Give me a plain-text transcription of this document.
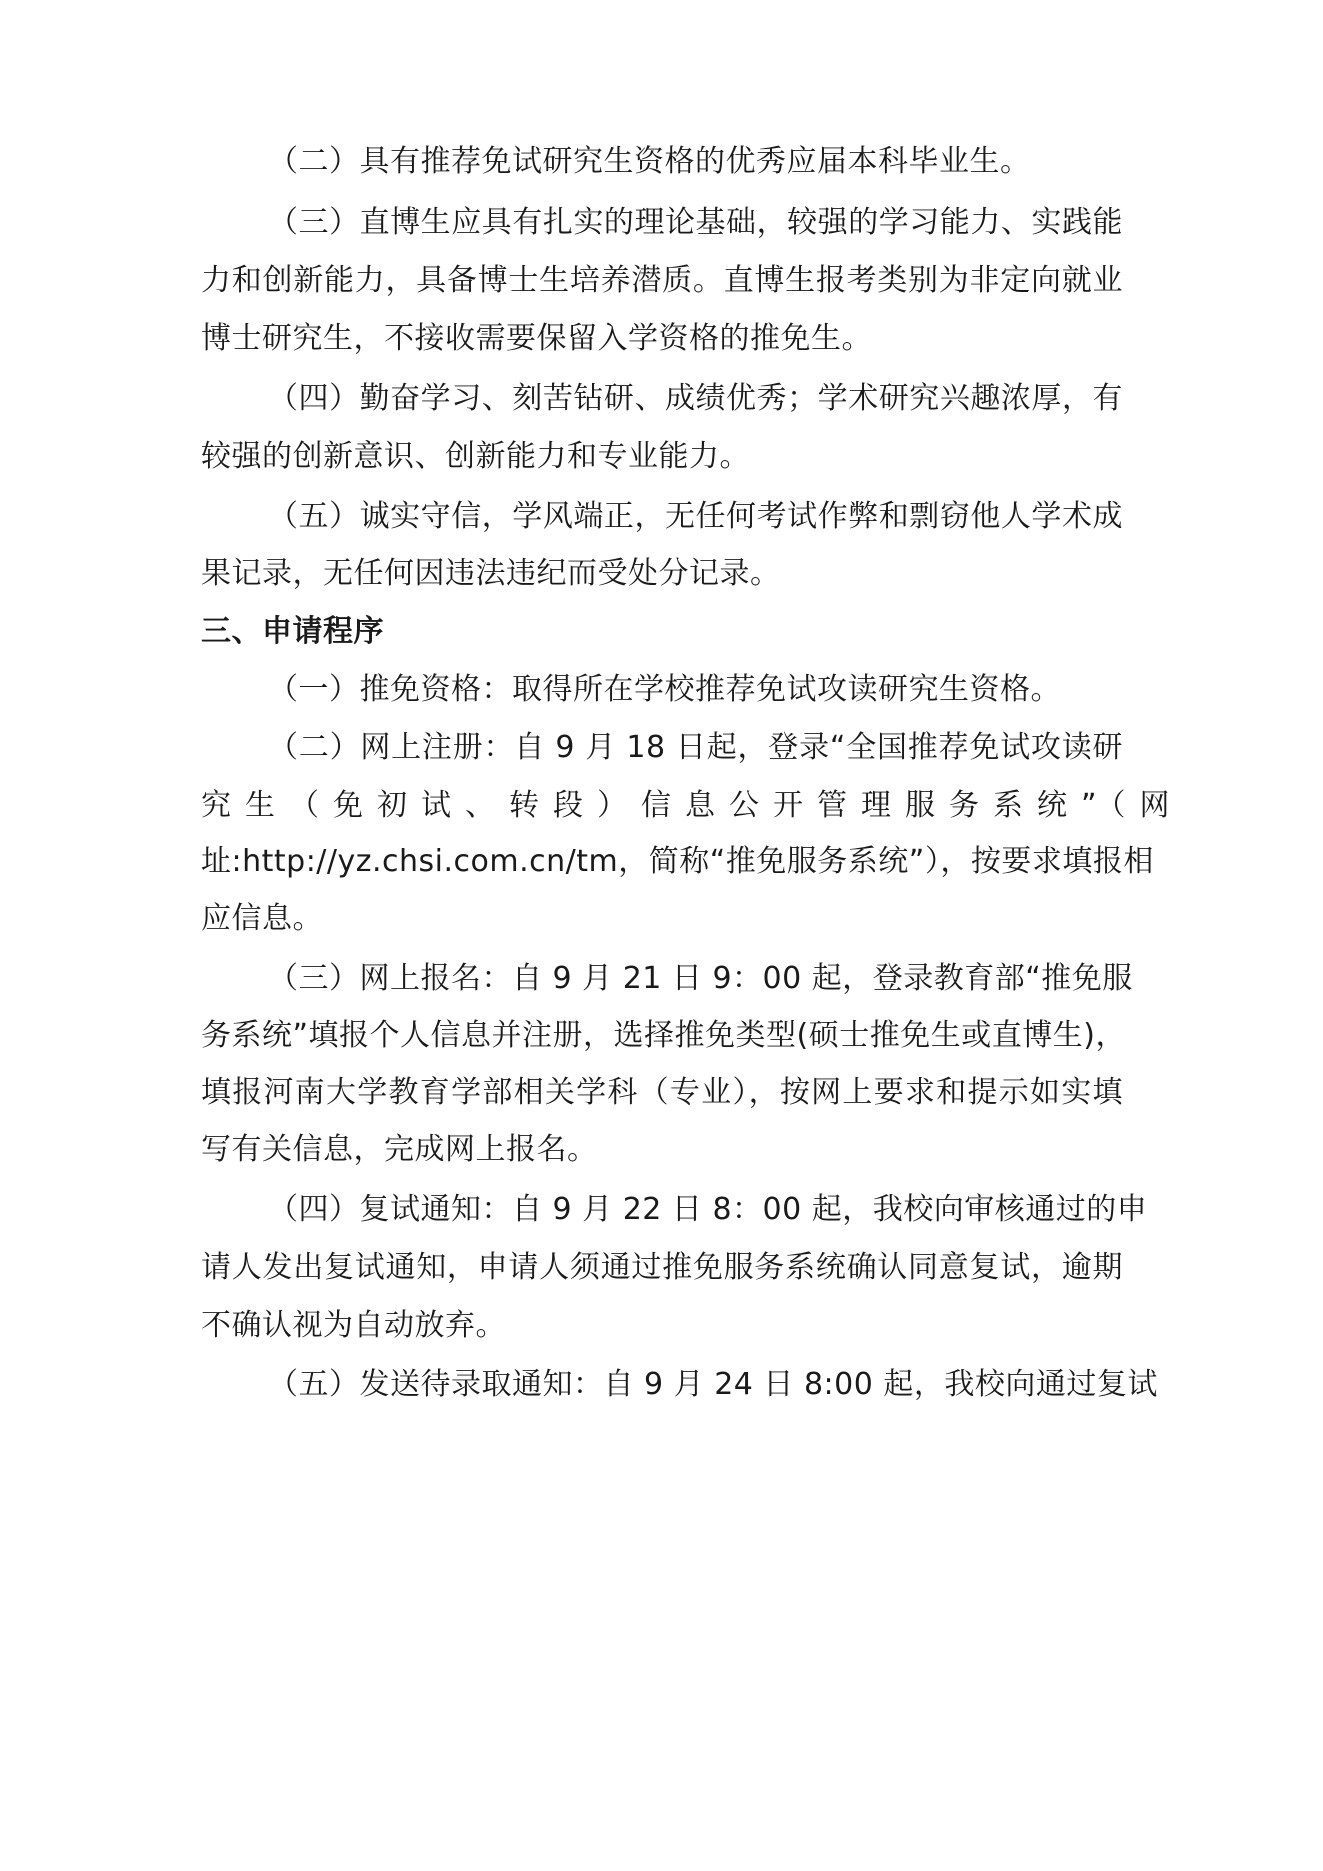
（二）具有推荐免试研究生资格的优秀应届本科毕业生。
（三）直博生应具有扎实的理论基础，较强的学习能力、实践能
力和创新能力，具备博士生培养潜质。直博生报考类别为非定向就业
博士研究生，不接收需要保留入学资格的推免生。
（四）勤奋学习、刻苦钻研、成绩优秀；学术研究兴趣浓厚，有
较强的创新意识、创新能力和专业能力。
（五）诚实守信，学风端正，无任何考试作弊和剽窃他人学术成
果记录，无任何因违法违纪而受处分记录。
三、申请程序
（一）推免资格：取得所在学校推荐免试攻读研究生资格。
（二）网上注册：自 9 月 18 日起，登录“全国推荐免试攻读研
究生（免初试、转段）信息公开管理服务系统”（网
址:http://yz.chsi.com.cn/tm，简称“推免服务系统”），按要求填报相
应信息。
（三）网上报名：自 9 月 21 日 9：00 起，登录教育部“推免服
务系统”填报个人信息并注册，选择推免类型(硕士推免生或直博生)，
填报河南大学教育学部相关学科（专业），按网上要求和提示如实填
写有关信息，完成网上报名。
（四）复试通知：自 9 月 22 日 8：00 起，我校向审核通过的申
请人发出复试通知，申请人须通过推免服务系统确认同意复试，逾期
不确认视为自动放弃。
（五）发送待录取通知：自 9 月 24 日 8:00 起，我校向通过复试
